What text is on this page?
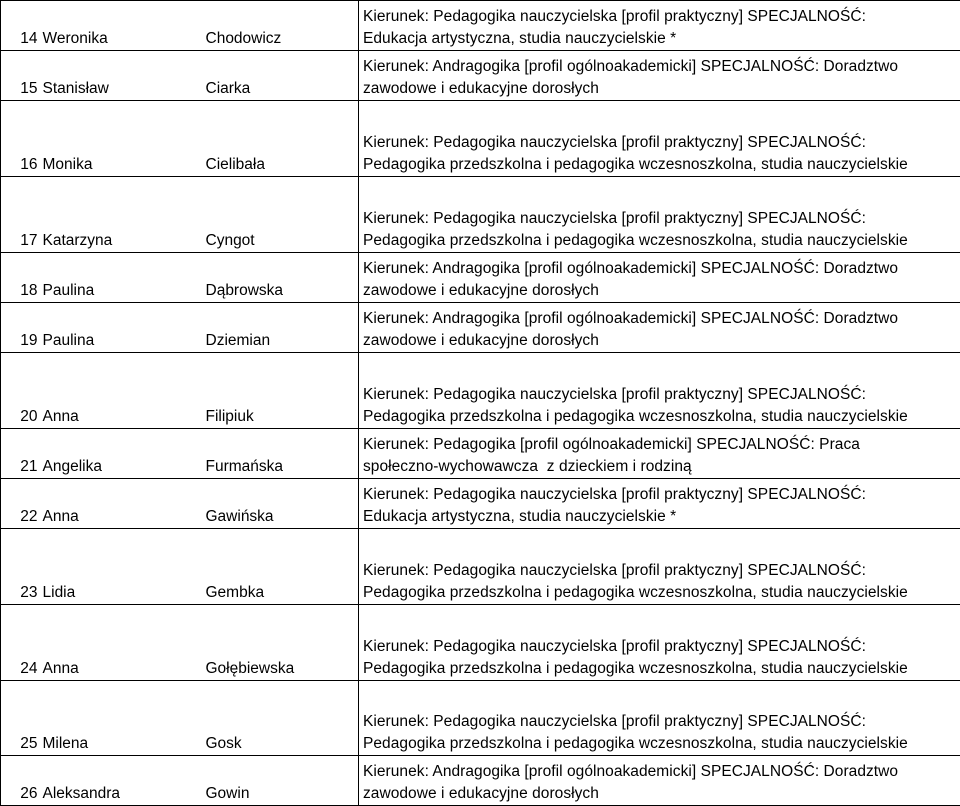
14	Weronika	Chodowicz	Kierunek: Pedagogika nauczycielska [profil praktyczny] SPECJALNOŚĆ:
Edukacja artystyczna, studia nauczycielskie *

15	Stanisław	Ciarka	Kierunek: Andragogika [profil ogólnoakademicki] SPECJALNOŚĆ: Doradztwo
zawodowe i edukacyjne dorosłych

16	Monika	Cielibała	Kierunek: Pedagogika nauczycielska [profil praktyczny] SPECJALNOŚĆ:
Pedagogika przedszkolna i pedagogika wczesnoszkolna, studia nauczycielskie

17	Katarzyna	Cyngot	Kierunek: Pedagogika nauczycielska [profil praktyczny] SPECJALNOŚĆ:
Pedagogika przedszkolna i pedagogika wczesnoszkolna, studia nauczycielskie

18	Paulina	Dąbrowska	Kierunek: Andragogika [profil ogólnoakademicki] SPECJALNOŚĆ: Doradztwo
zawodowe i edukacyjne dorosłych

19	Paulina	Dziemian	Kierunek: Andragogika [profil ogólnoakademicki] SPECJALNOŚĆ: Doradztwo
zawodowe i edukacyjne dorosłych

20	Anna	Filipiuk	Kierunek: Pedagogika nauczycielska [profil praktyczny] SPECJALNOŚĆ:
Pedagogika przedszkolna i pedagogika wczesnoszkolna, studia nauczycielskie

21	Angelika	Furmańska	Kierunek: Pedagogika [profil ogólnoakademicki] SPECJALNOŚĆ: Praca
społeczno-wychowawcza  z dzieckiem i rodziną

22	Anna	Gawińska	Kierunek: Pedagogika nauczycielska [profil praktyczny] SPECJALNOŚĆ:
Edukacja artystyczna, studia nauczycielskie *

23	Lidia	Gembka	Kierunek: Pedagogika nauczycielska [profil praktyczny] SPECJALNOŚĆ:
Pedagogika przedszkolna i pedagogika wczesnoszkolna, studia nauczycielskie

24	Anna	Gołębiewska	Kierunek: Pedagogika nauczycielska [profil praktyczny] SPECJALNOŚĆ:
Pedagogika przedszkolna i pedagogika wczesnoszkolna, studia nauczycielskie

25	Milena	Gosk	Kierunek: Pedagogika nauczycielska [profil praktyczny] SPECJALNOŚĆ:
Pedagogika przedszkolna i pedagogika wczesnoszkolna, studia nauczycielskie

26	Aleksandra	Gowin	Kierunek: Andragogika [profil ogólnoakademicki] SPECJALNOŚĆ: Doradztwo
zawodowe i edukacyjne dorosłych
